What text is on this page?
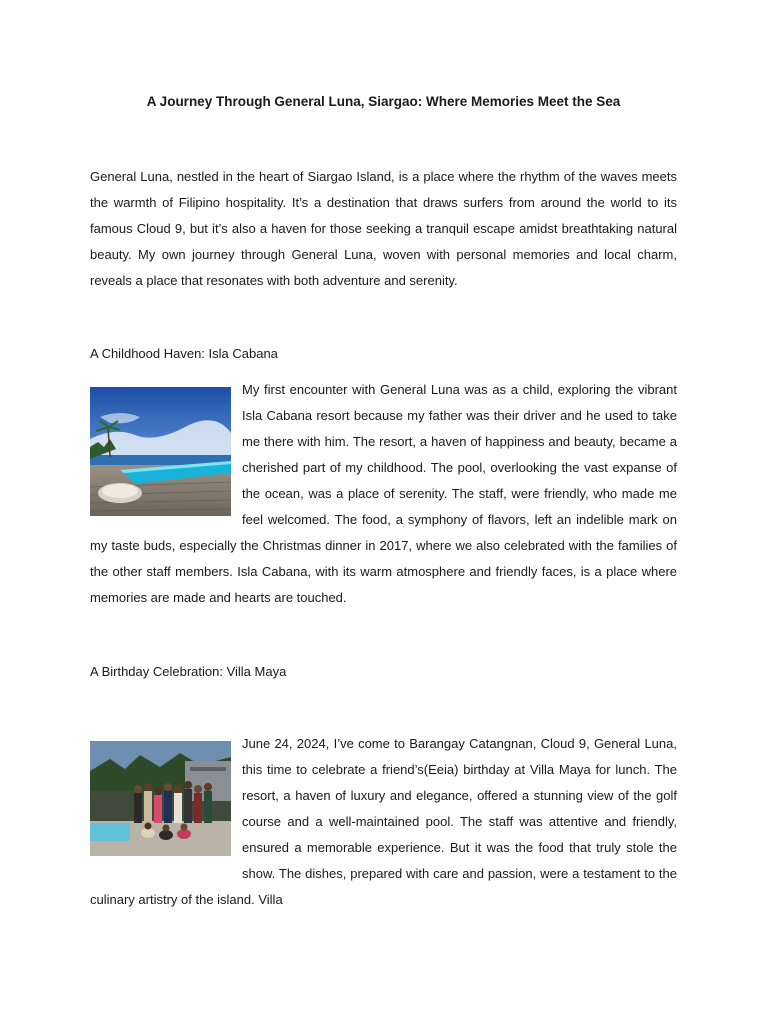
A Journey Through General Luna, Siargao: Where Memories Meet the Sea

General Luna, nestled in the heart of Siargao Island, is a place where the rhythm of the waves meets the warmth of Filipino hospitality. It’s a destination that draws surfers from around the world to its famous Cloud 9, but it’s also a haven for those seeking a tranquil escape amidst breathtaking natural beauty. My own journey through General Luna, woven with personal memories and local charm, reveals a place that resonates with both adventure and serenity.

A Childhood Haven: Isla Cabana

My first encounter with General Luna was as a child, exploring the vibrant Isla Cabana resort because my father was their driver and he used to take me there with him. The resort, a haven of happiness and beauty, became a cherished part of my childhood. The pool, overlooking the vast expanse of the ocean, was a place of serenity. The staff, were friendly, who made me feel welcomed. The food, a symphony of flavors, left an indelible mark on my taste buds, especially the Christmas dinner in 2017, where we also celebrated with the families of the other staff members. Isla Cabana, with its warm atmosphere and friendly faces, is a place where memories are made and hearts are touched.

A Birthday Celebration: Villa Maya

June 24, 2024, I’ve come to Barangay Catangnan, Cloud 9, General Luna, this time to celebrate a friend’s(Eeia) birthday at Villa Maya for lunch. The resort, a haven of luxury and elegance, offered a stunning view of the golf course and a well-maintained pool. The staff was attentive and friendly, ensured a memorable experience. But it was the food that truly stole the show. The dishes, prepared with care and passion, were a testament to the culinary artistry of the island. Villa
